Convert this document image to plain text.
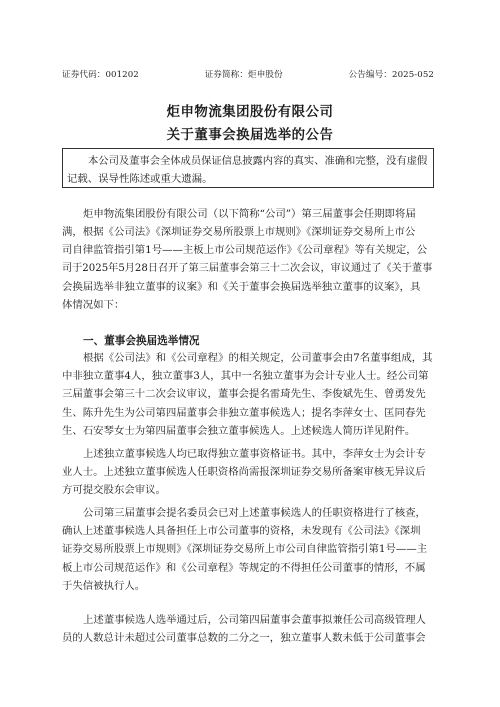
证券代码：001202	证券简称：炬申股份	公告编号：2025-052
炬申物流集团股份有限公司
关于董事会换届选举的公告
本公司及董事会全体成员保证信息披露内容的真实、准确和完整，没有虚假
记载、误导性陈述或重大遗漏。
炬申物流集团股份有限公司（以下简称“公司”）第三届董事会任期即将届
满，根据《公司法》《深圳证券交易所股票上市规则》《深圳证券交易所上市公
司自律监管指引第1号——主板上市公司规范运作》《公司章程》等有关规定，公
司于2025年5月28日召开了第三届董事会第三十二次会议，审议通过了《关于董事
会换届选举非独立董事的议案》和《关于董事会换届选举独立董事的议案》，具
体情况如下：
一、董事会换届选举情况
根据《公司法》和《公司章程》的相关规定，公司董事会由7名董事组成，其
中非独立董事4人，独立董事3人，其中一名独立董事为会计专业人士。经公司第
三届董事会第三十二次会议审议，董事会提名雷琦先生、李俊斌先生、曾勇发先
生、陈升先生为公司第四届董事会非独立董事候选人；提名李萍女士、匡同春先
生、石安琴女士为第四届董事会独立董事候选人。上述候选人简历详见附件。
上述独立董事候选人均已取得独立董事资格证书。其中，李萍女士为会计专
业人士。上述独立董事候选人任职资格尚需报深圳证券交易所备案审核无异议后
方可提交股东会审议。
公司第三届董事会提名委员会已对上述董事候选人的任职资格进行了核查，
确认上述董事候选人具备担任上市公司董事的资格，未发现有《公司法》《深圳
证券交易所股票上市规则》《深圳证券交易所上市公司自律监管指引第1号——主
板上市公司规范运作》和《公司章程》等规定的不得担任公司董事的情形，不属
于失信被执行人。
上述董事候选人选举通过后，公司第四届董事会董事拟兼任公司高级管理人
员的人数总计未超过公司董事总数的二分之一，独立董事人数未低于公司董事会
